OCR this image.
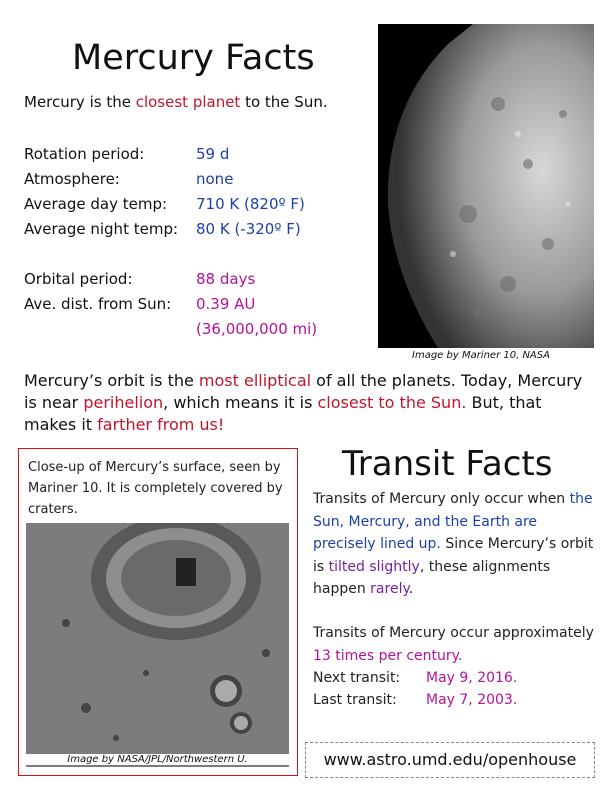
Mercury Facts
Mercury is the closest planet to the Sun.
Rotation period:	59 d
Atmosphere:	none
Average day temp: 710 K (820º F)
Average night temp: 80 K (-320º F)
Orbital period:	88 days
Ave. dist. from Sun: 0.39 AU
(36,000,000 mi)
Image by Mariner 10, NASA
Mercury’s orbit is the most elliptical of all the planets. Today, Mercury is near perihelion, which means it is closest to the Sun. But, that makes it farther from us!
Close-up of Mercury’s surface, seen by Mariner 10. It is completely covered by craters.
Image by NASA/JPL/Northwestern U.
Transit Facts
Transits of Mercury only occur when the Sun, Mercury, and the Earth are precisely lined up. Since Mercury’s orbit is tilted slightly, these alignments happen rarely.
Transits of Mercury occur approximately 13 times per century.
Next transit: May 9, 2016.
Last transit: May 7, 2003.
www.astro.umd.edu/openhouse
